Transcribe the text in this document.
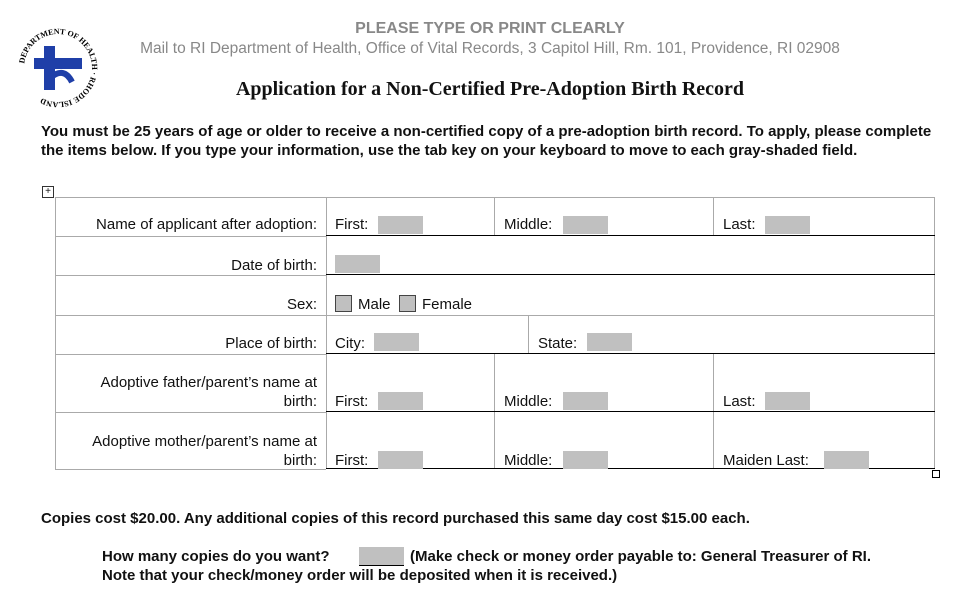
DEPARTMENT OF HEALTH · RHODE ISLAND
PLEASE TYPE OR PRINT CLEARLY
Mail to RI Department of Health, Office of Vital Records, 3 Capitol Hill, Rm. 101, Providence, RI 02908
Application for a Non-Certified Pre-Adoption Birth Record
You must be 25 years of age or older to receive a non-certified copy of a pre-adoption birth record. To apply, please complete the items below. If you type your information, use the tab key on your keyboard to move to each gray-shaded field.
+
Name of applicant after adoption: First:	Middle:	Last:
Date of birth:
Sex:	Male Female
Place of birth: City:	State:
Adoptive father/parent’s name at
birth: First:	Middle:	Last:
Adoptive mother/parent’s name at
birth: First:	Middle:	Maiden Last:
Copies cost $20.00. Any additional copies of this record purchased this same day cost $15.00 each.
How many copies do you want?	(Make check or money order payable to: General Treasurer of RI.
Note that your check/money order will be deposited when it is received.)
